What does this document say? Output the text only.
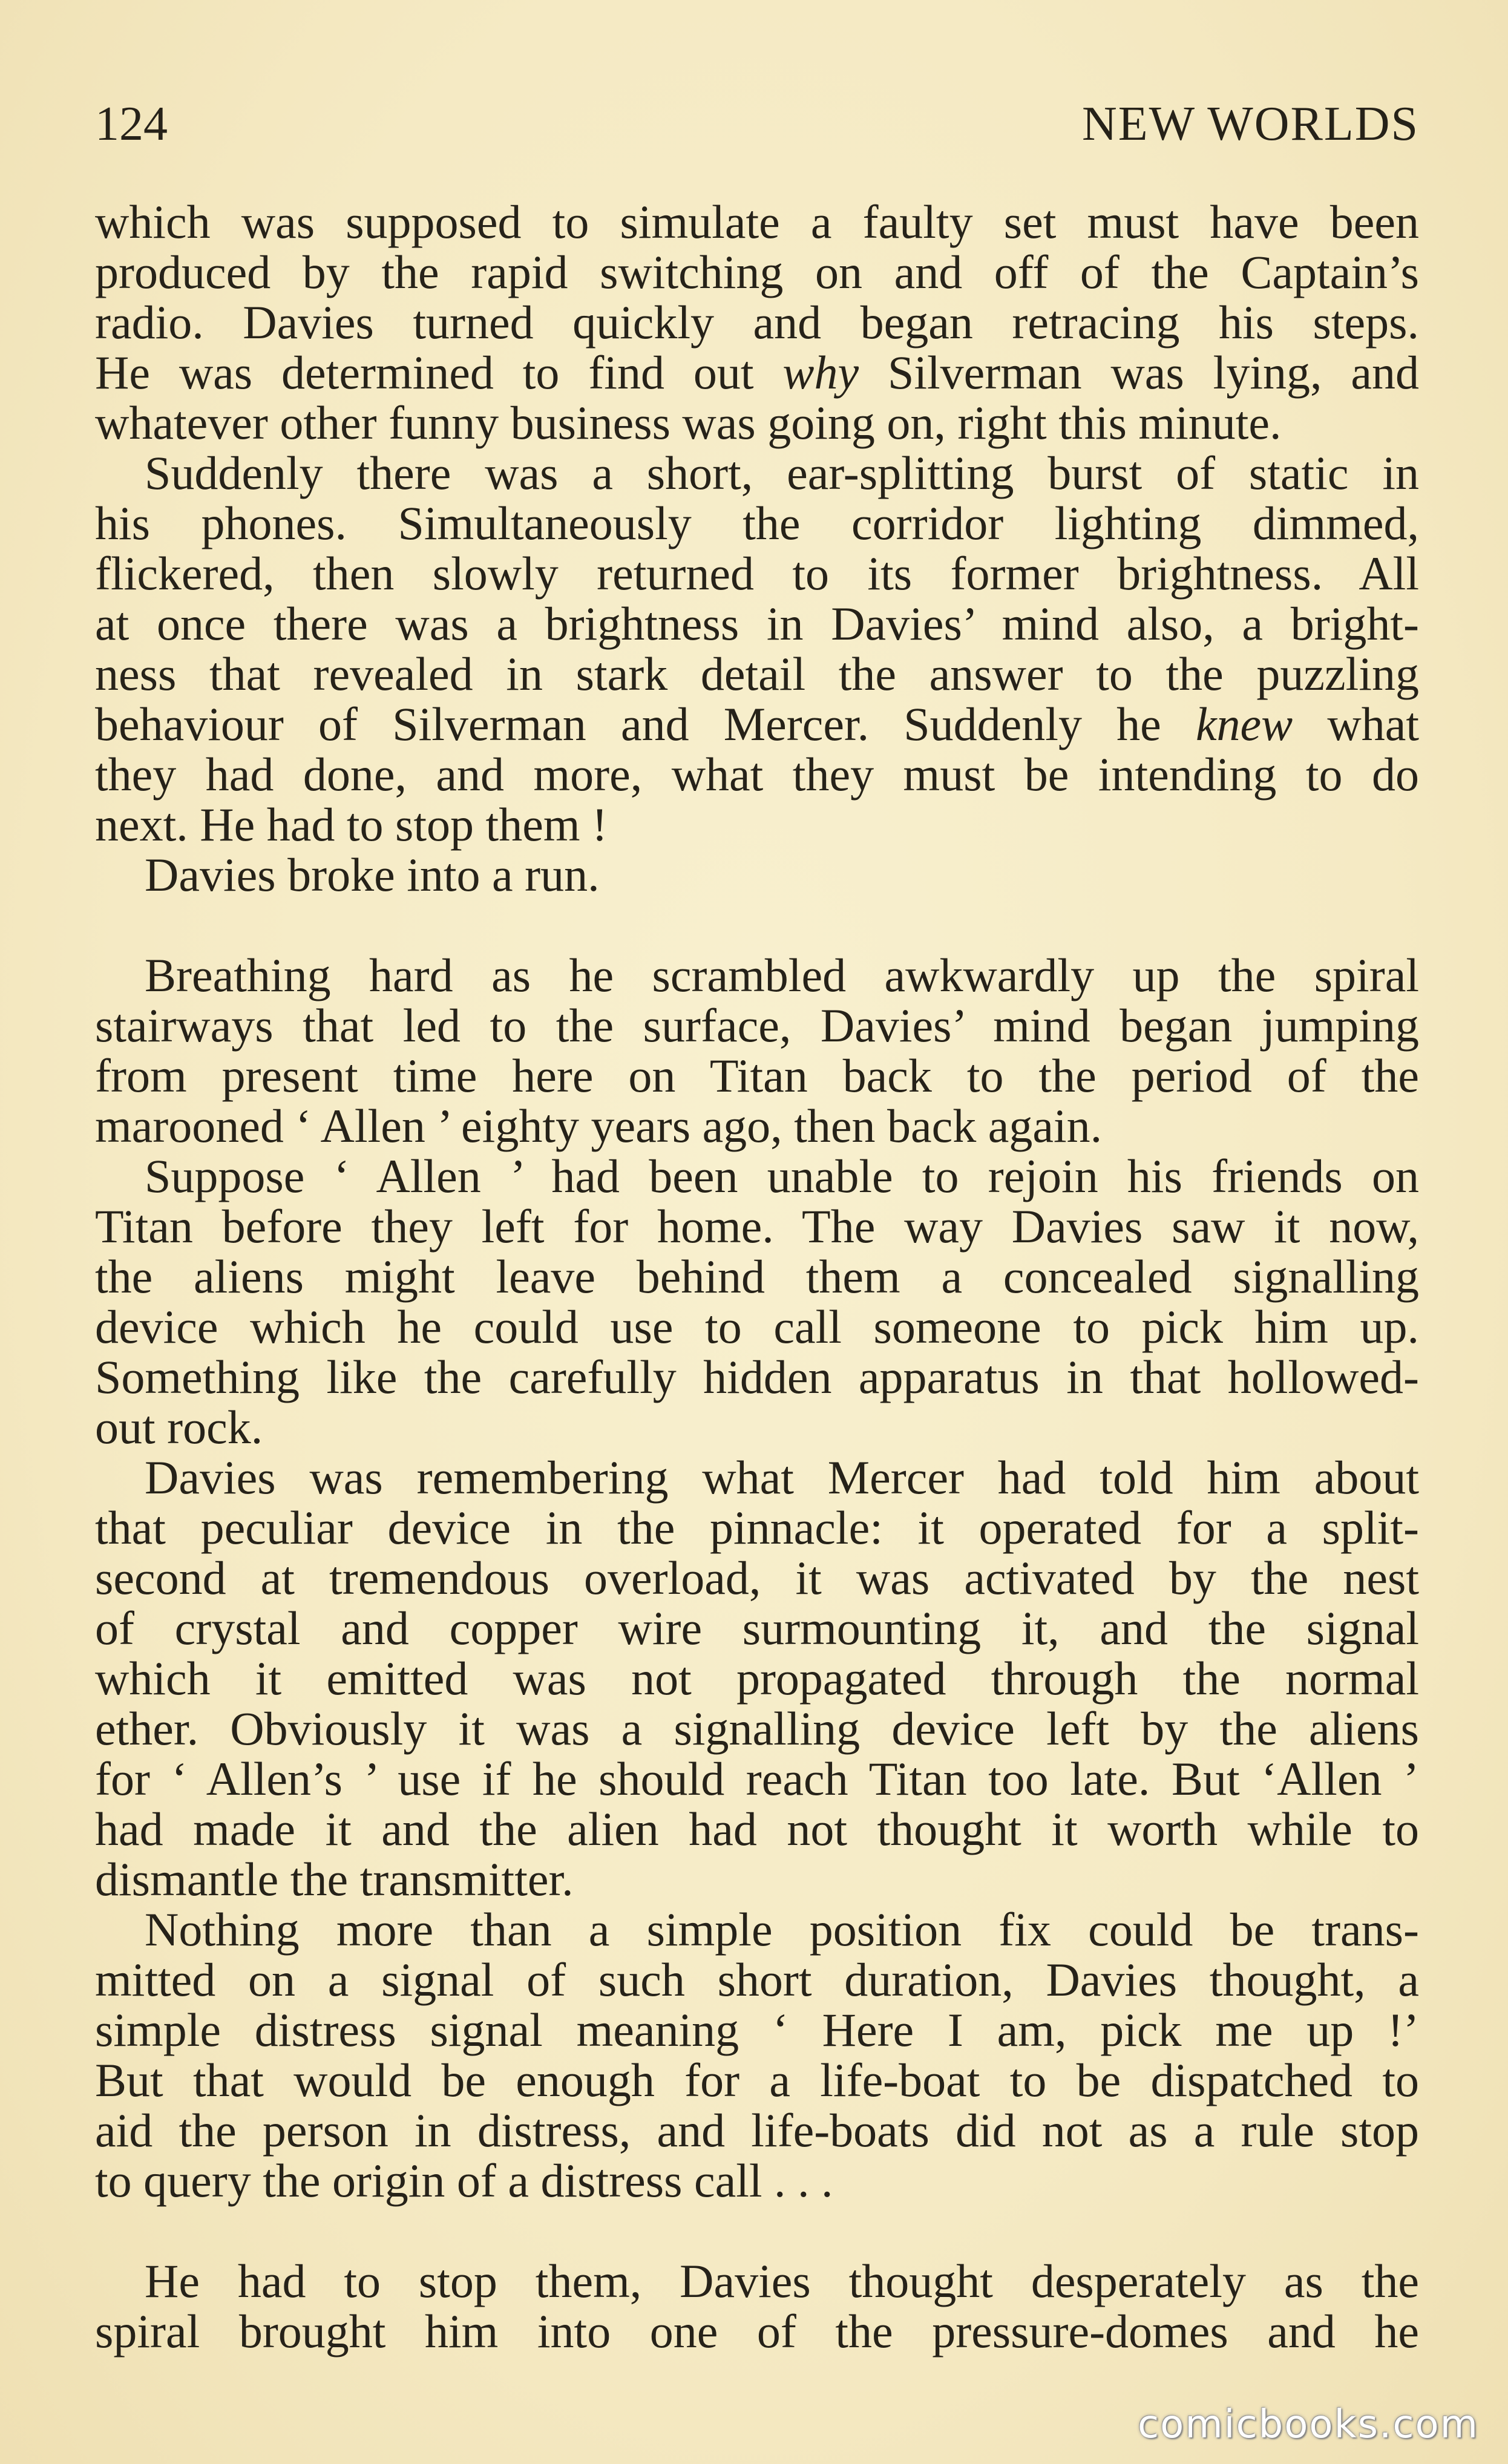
124	NEW WORLDS
which was supposed to simulate a faulty set must have been
produced by the rapid switching on and off of the Captain’s
radio. Davies turned quickly and began retracing his steps.
He was determined to find out why Silverman was lying, and
whatever other funny business was going on, right this minute.
Suddenly there was a short, ear-splitting burst of static in
his phones. Simultaneously the corridor lighting dimmed,
flickered, then slowly returned to its former brightness. All
at once there was a brightness in Davies’ mind also, a bright-
ness that revealed in stark detail the answer to the puzzling
behaviour of Silverman and Mercer. Suddenly he knew what
they had done, and more, what they must be intending to do
next. He had to stop them !
Davies broke into a run.
Breathing hard as he scrambled awkwardly up the spiral
stairways that led to the surface, Davies’ mind began jumping
from present time here on Titan back to the period of the
marooned ‘ Allen ’ eighty years ago, then back again.
Suppose ‘ Allen ’ had been unable to rejoin his friends on
Titan before they left for home. The way Davies saw it now,
the aliens might leave behind them a concealed signalling
device which he could use to call someone to pick him up.
Something like the carefully hidden apparatus in that hollowed-
out rock.
Davies was remembering what Mercer had told him about
that peculiar device in the pinnacle: it operated for a split-
second at tremendous overload, it was activated by the nest
of crystal and copper wire surmounting it, and the signal
which it emitted was not propagated through the normal
ether. Obviously it was a signalling device left by the aliens
for ‘ Allen’s ’ use if he should reach Titan too late. But ‘Allen ’
had made it and the alien had not thought it worth while to
dismantle the transmitter.
Nothing more than a simple position fix could be trans-
mitted on a signal of such short duration, Davies thought, a
simple distress signal meaning ‘ Here I am, pick me up !’
But that would be enough for a life-boat to be dispatched to
aid the person in distress, and life-boats did not as a rule stop
to query the origin of a distress call . . .
He had to stop them, Davies thought desperately as the
spiral brought him into one of the pressure-domes and he
comicbooks.com
